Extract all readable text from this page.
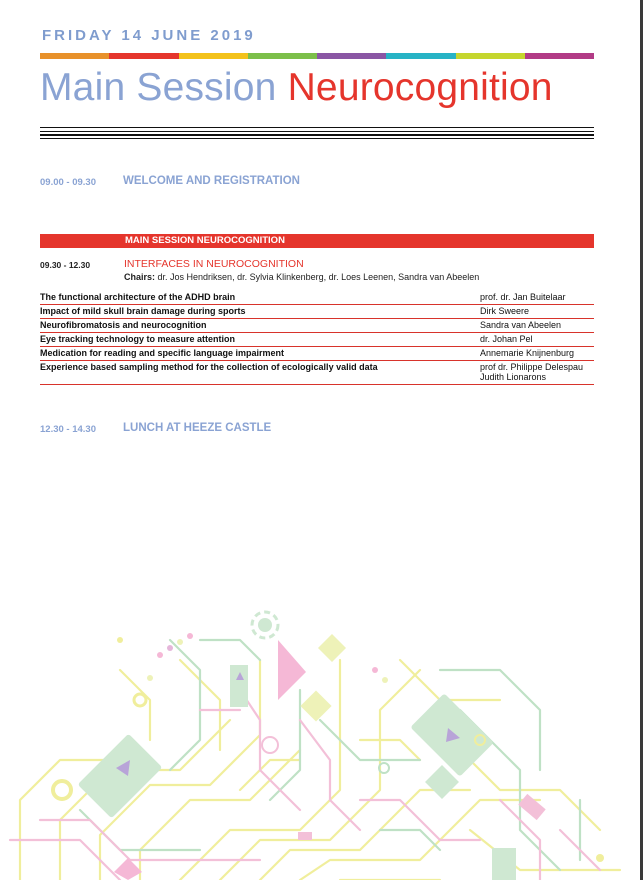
FRIDAY 14 JUNE 2019
Main Session Neurocognition
09.00 - 09.30 WELCOME AND REGISTRATION
MAIN SESSION NEUROCOGNITION
09.30 - 12.30	INTERFACES IN NEUROCOGNITION
Chairs: dr. Jos Hendriksen, dr. Sylvia Klinkenberg, dr. Loes Leenen, Sandra van Abeelen
The functional architecture of the ADHD brain	prof. dr. Jan Buitelaar
Impact of mild skull brain damage during sports	Dirk Sweere
Neurofibromatosis and neurocognition	Sandra van Abeelen
Eye tracking technology to measure attention	dr. Johan Pel
Medication for reading and specific language impairment	Annemarie Knijnenburg
Experience based sampling method for the collection of ecologically valid data	prof dr. Philippe Delespau
Judith Lionarons
12.30 - 14.30 LUNCH AT HEEZE CASTLE
